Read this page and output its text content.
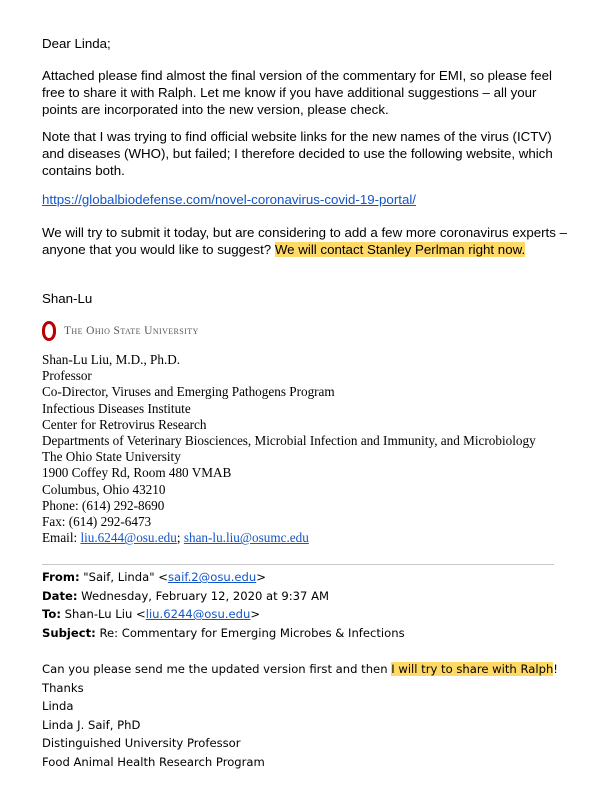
Dear Linda;
Attached please find almost the final version of the commentary for EMI, so please feel free to share it with Ralph. Let me know if you have additional suggestions – all your points are incorporated into the new version, please check.
Note that I was trying to find official website links for the new names of the virus (ICTV) and diseases (WHO), but failed; I therefore decided to use the following website, which contains both.
https://globalbiodefense.com/novel-coronavirus-covid-19-portal/
We will try to submit it today, but are considering to add a few more coronavirus experts – anyone that you would like to suggest? We will contact Stanley Perlman right now.
Shan-Lu
The Ohio State University
Shan-Lu Liu, M.D., Ph.D.
Professor
Co-Director, Viruses and Emerging Pathogens Program
Infectious Diseases Institute
Center for Retrovirus Research
Departments of Veterinary Biosciences, Microbial Infection and Immunity, and Microbiology
The Ohio State University
1900 Coffey Rd, Room 480 VMAB
Columbus, Ohio 43210
Phone: (614) 292-8690
Fax: (614) 292-6473
Email: liu.6244@osu.edu; shan-lu.liu@osumc.edu
From: "Saif, Linda" <saif.2@osu.edu>
Date: Wednesday, February 12, 2020 at 9:37 AM
To: Shan-Lu Liu <liu.6244@osu.edu>
Subject: Re: Commentary for Emerging Microbes & Infections
Can you please send me the updated version first and then I will try to share with Ralph!
Thanks
Linda
Linda J. Saif, PhD
Distinguished University Professor
Food Animal Health Research Program
